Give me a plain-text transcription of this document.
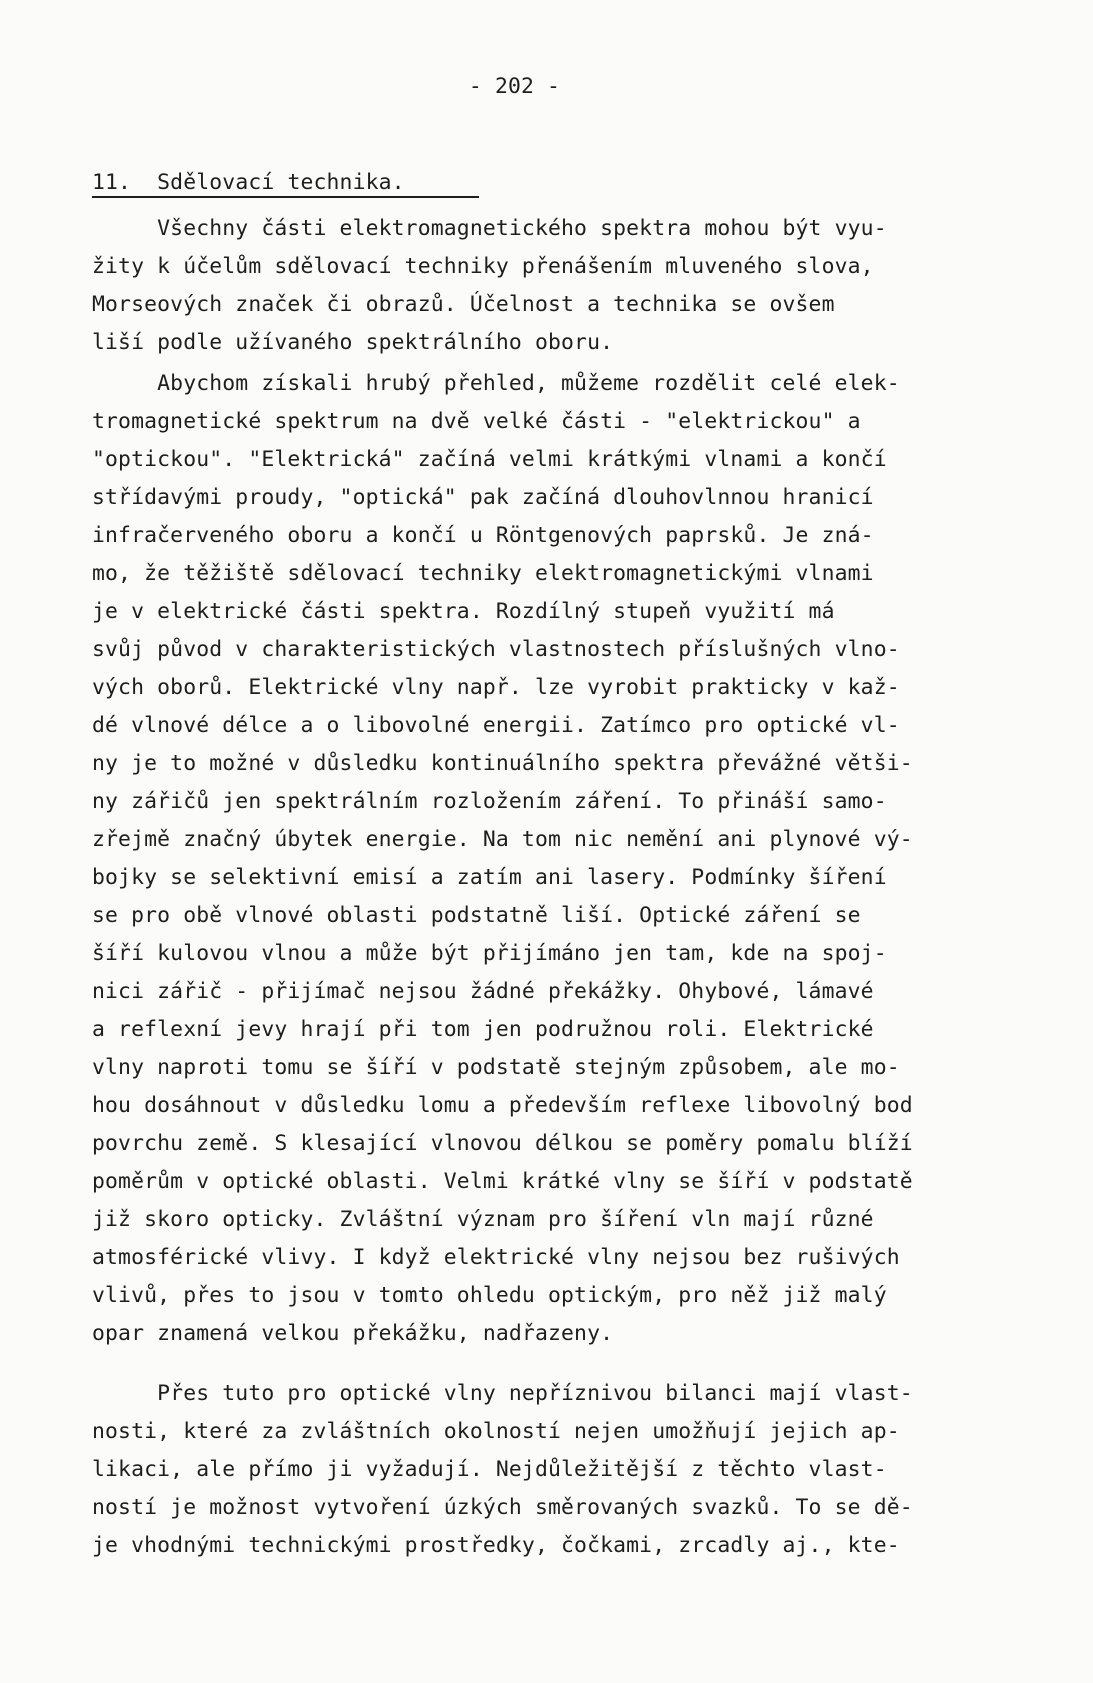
- 202 -
11. Sdělovací technika.
Všechny části elektromagnetického spektra mohou být vyu-
žity k účelům sdělovací techniky přenášením mluveného slova,
Morseových značek či obrazů. Účelnost a technika se ovšem
liší podle užívaného spektrálního oboru.
Abychom získali hrubý přehled, můžeme rozdělit celé elek-
tromagnetické spektrum na dvě velké části - "elektrickou" a
"optickou". "Elektrická" začíná velmi krátkými vlnami a končí
střídavými proudy, "optická" pak začíná dlouhovlnnou hranicí
infračerveného oboru a končí u Röntgenových paprsků. Je zná-
mo, že těžiště sdělovací techniky elektromagnetickými vlnami
je v elektrické části spektra. Rozdílný stupeň využití má
svůj původ v charakteristických vlastnostech příslušných vlno-
vých oborů. Elektrické vlny např. lze vyrobit prakticky v kaž-
dé vlnové délce a o libovolné energii. Zatímco pro optické vl-
ny je to možné v důsledku kontinuálního spektra převážné větši-
ny zářičů jen spektrálním rozložením záření. To přináší samo-
zřejmě značný úbytek energie. Na tom nic nemění ani plynové vý-
bojky se selektivní emisí a zatím ani lasery. Podmínky šíření
se pro obě vlnové oblasti podstatně liší. Optické záření se
šíří kulovou vlnou a může být přijímáno jen tam, kde na spoj-
nici zářič - přijímač nejsou žádné překážky. Ohybové, lámavé
a reflexní jevy hrají při tom jen podružnou roli. Elektrické
vlny naproti tomu se šíří v podstatě stejným způsobem, ale mo-
hou dosáhnout v důsledku lomu a především reflexe libovolný bod
povrchu země. S klesající vlnovou délkou se poměry pomalu blíží
poměrům v optické oblasti. Velmi krátké vlny se šíří v podstatě
již skoro opticky. Zvláštní význam pro šíření vln mají různé
atmosférické vlivy. I když elektrické vlny nejsou bez rušivých
vlivů, přes to jsou v tomto ohledu optickým, pro něž již malý
opar znamená velkou překážku, nadřazeny.
Přes tuto pro optické vlny nepříznivou bilanci mají vlast-
nosti, které za zvláštních okolností nejen umožňují jejich ap-
likaci, ale přímo ji vyžadují. Nejdůležitější z těchto vlast-
ností je možnost vytvoření úzkých směrovaných svazků. To se dě-
je vhodnými technickými prostředky, čočkami, zrcadly aj., kte-
